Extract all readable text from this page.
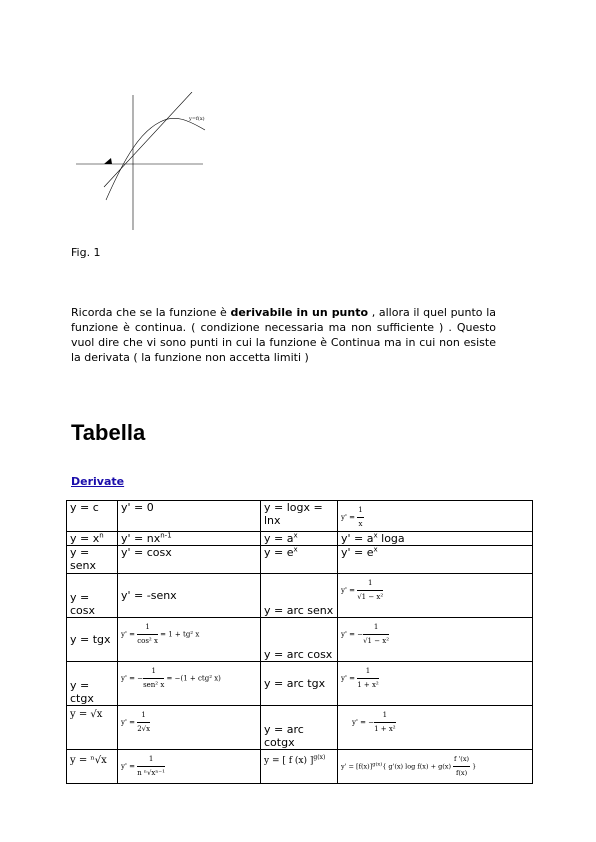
y=f(x)
Fig. 1
Ricorda che se la funzione è derivabile in un punto , allora il quel punto la funzione è continua. ( condizione necessaria ma non sufficiente ) . Questo vuol dire che vi sono punti in cui la funzione è Continua ma in cui non esiste la derivata ( la funzione non accetta limiti )
Tabella
Derivate
y = c	y' = 0	y = logx = lnx	$y' = \frac{1}{x}$

$y = x^n$	$y' = nx^{n-1}$	$y = a^x$	$y' = a^x$ loga
y = senx	y' = cosx	$y = e^x$	$y' = e^x$
y = cosx	y' = -senx	y = arc senx	$y' = \frac{1}{\text{√1 − x²}}$

y = tgx	$y' = \frac{1}{\text{cos² x}} = 1 + tg^2$ x	y = arc cosx	y' = − $\frac{1}{\text{√1 − x²}}$

y = ctgx	y' = − $\frac{1}{\text{sen² x}} = -(1 + ctg^2$ x)	y = arc tgx	$y' = \frac{1}{\text{1 + x²}}$

y = √x	$y' = \frac{1}{2√x}$	y = arc cotgx	y' = − $\frac{1}{\text{1 + x²}}$

y = ⁿ√x	$y' = \frac{1}{\text{n ⁿ√xⁿ⁻¹}}$	y = [ f (x) ]$^{g(x)}$	$y' = [f(x)]^{g(x)}${ g'(x) $\log f(x) + g(x) \frac{f '(x)}{f(x)}$ }
